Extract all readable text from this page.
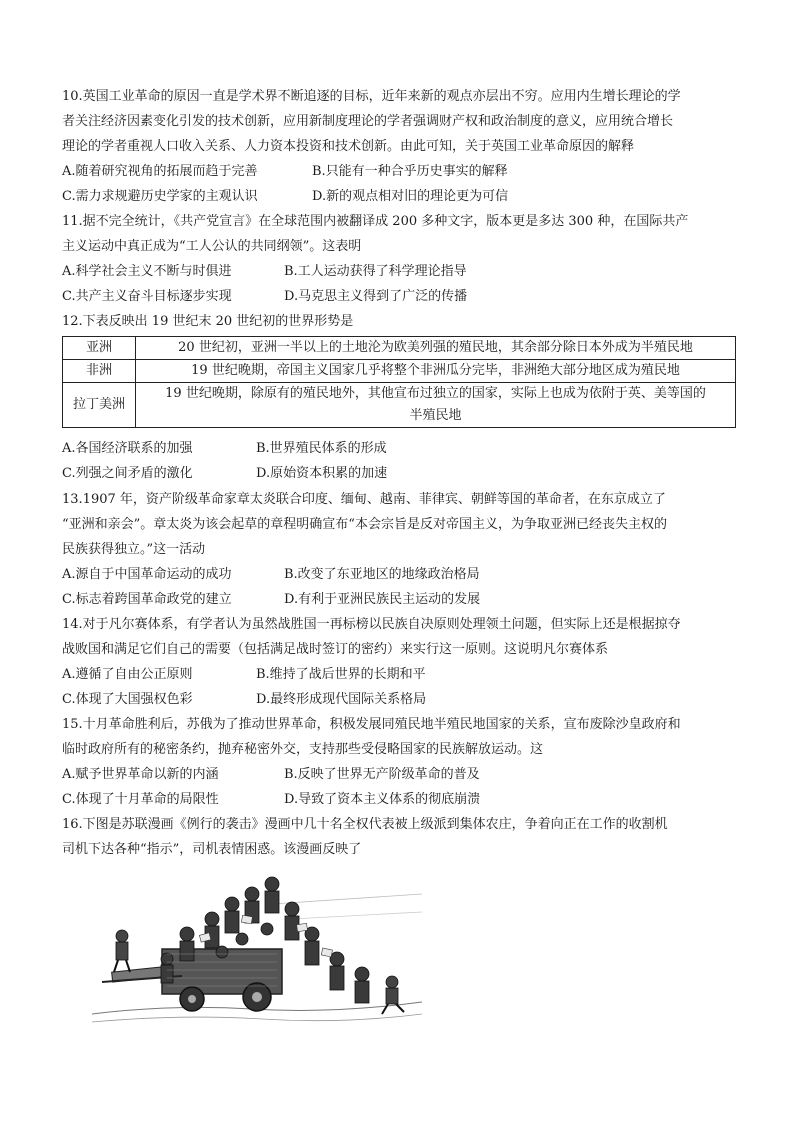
10.英国工业革命的原因一直是学术界不断追逐的目标，近年来新的观点亦层出不穷。应用内生增长理论的学
者关注经济因素变化引发的技术创新，应用新制度理论的学者强调财产权和政治制度的意义，应用统合增长
理论的学者重视人口收入关系、人力资本投资和技术创新。由此可知，关于英国工业革命原因的解释
A.随着研究视角的拓展而趋于完善	B.只能有一种合乎历史事实的解释
C.需力求规避历史学家的主观认识	D.新的观点相对旧的理论更为可信
11.据不完全统计，《共产党宣言》在全球范围内被翻译成 200 多种文字，版本更是多达 300 种，在国际共产
主义运动中真正成为“工人公认的共同纲领”。这表明
A.科学社会主义不断与时俱进	B.工人运动获得了科学理论指导
C.共产主义奋斗目标逐步实现	D.马克思主义得到了广泛的传播
12.下表反映出 19 世纪末 20 世纪初的世界形势是
亚洲	20 世纪初，亚洲一半以上的土地沦为欧美列强的殖民地，其余部分除日本外成为半殖民地
非洲	19 世纪晚期，帝国主义国家几乎将整个非洲瓜分完毕，非洲绝大部分地区成为殖民地
拉丁美洲	19 世纪晚期，除原有的殖民地外，其他宣布过独立的国家，实际上也成为依附于英、美等国的
半殖民地
A.各国经济联系的加强	B.世界殖民体系的形成
C.列强之间矛盾的激化	D.原始资本积累的加速
13.1907 年，资产阶级革命家章太炎联合印度、缅甸、越南、菲律宾、朝鲜等国的革命者，在东京成立了
“亚洲和亲会”。章太炎为该会起草的章程明确宣布“本会宗旨是反对帝国主义，为争取亚洲已经丧失主权的
民族获得独立。”这一活动
A.源自于中国革命运动的成功	B.改变了东亚地区的地缘政治格局
C.标志着跨国革命政党的建立	D.有利于亚洲民族民主运动的发展
14.对于凡尔赛体系，有学者认为虽然战胜国一再标榜以民族自决原则处理领土问题，但实际上还是根据掠夺
战败国和满足它们自己的需要（包括满足战时签订的密约）来实行这一原则。这说明凡尔赛体系
A.遵循了自由公正原则	B.维持了战后世界的长期和平
C.体现了大国强权色彩	D.最终形成现代国际关系格局
15.十月革命胜利后，苏俄为了推动世界革命，积极发展同殖民地半殖民地国家的关系，宣布废除沙皇政府和
临时政府所有的秘密条约，抛弃秘密外交，支持那些受侵略国家的民族解放运动。这
A.赋予世界革命以新的内涵	B.反映了世界无产阶级革命的普及
C.体现了十月革命的局限性	D.导致了资本主义体系的彻底崩溃
16.下图是苏联漫画《例行的袭击》漫画中几十名全权代表被上级派到集体农庄，争着向正在工作的收割机
司机下达各种“指示”，司机表情困惑。该漫画反映了
